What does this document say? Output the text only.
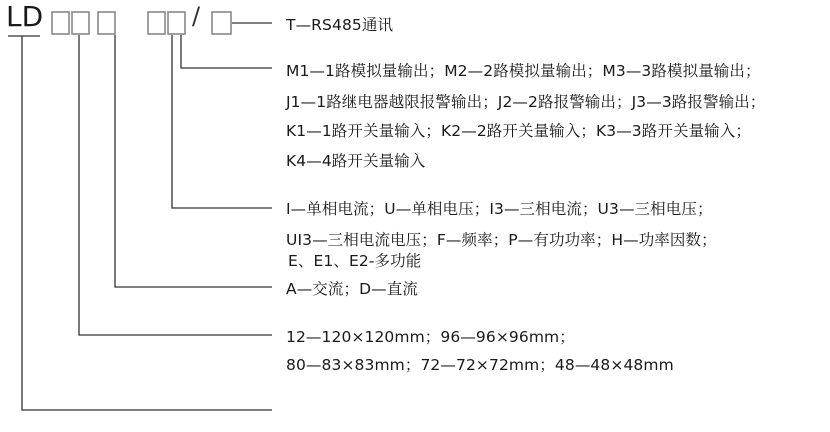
LD	/	T—RS485通讯
M1—1路模拟量输出；M2—2路模拟量输出；M3—3路模拟量输出；
J1—1路继电器越限报警输出；J2—2路报警输出；J3—3路报警输出；
K1—1路开关量输入；K2—2路开关量输入；K3—3路开关量输入；
K4—4路开关量输入
I—单相电流；U—单相电压；I3—三相电流；U3—三相电压；
UI3—三相电流电压；F—频率；P—有功功率；H—功率因数；
E、E1、E2-多功能
A—交流；D—直流
12—120×120mm；96—96×96mm；
80—83×83mm；72—72×72mm；48—48×48mm
